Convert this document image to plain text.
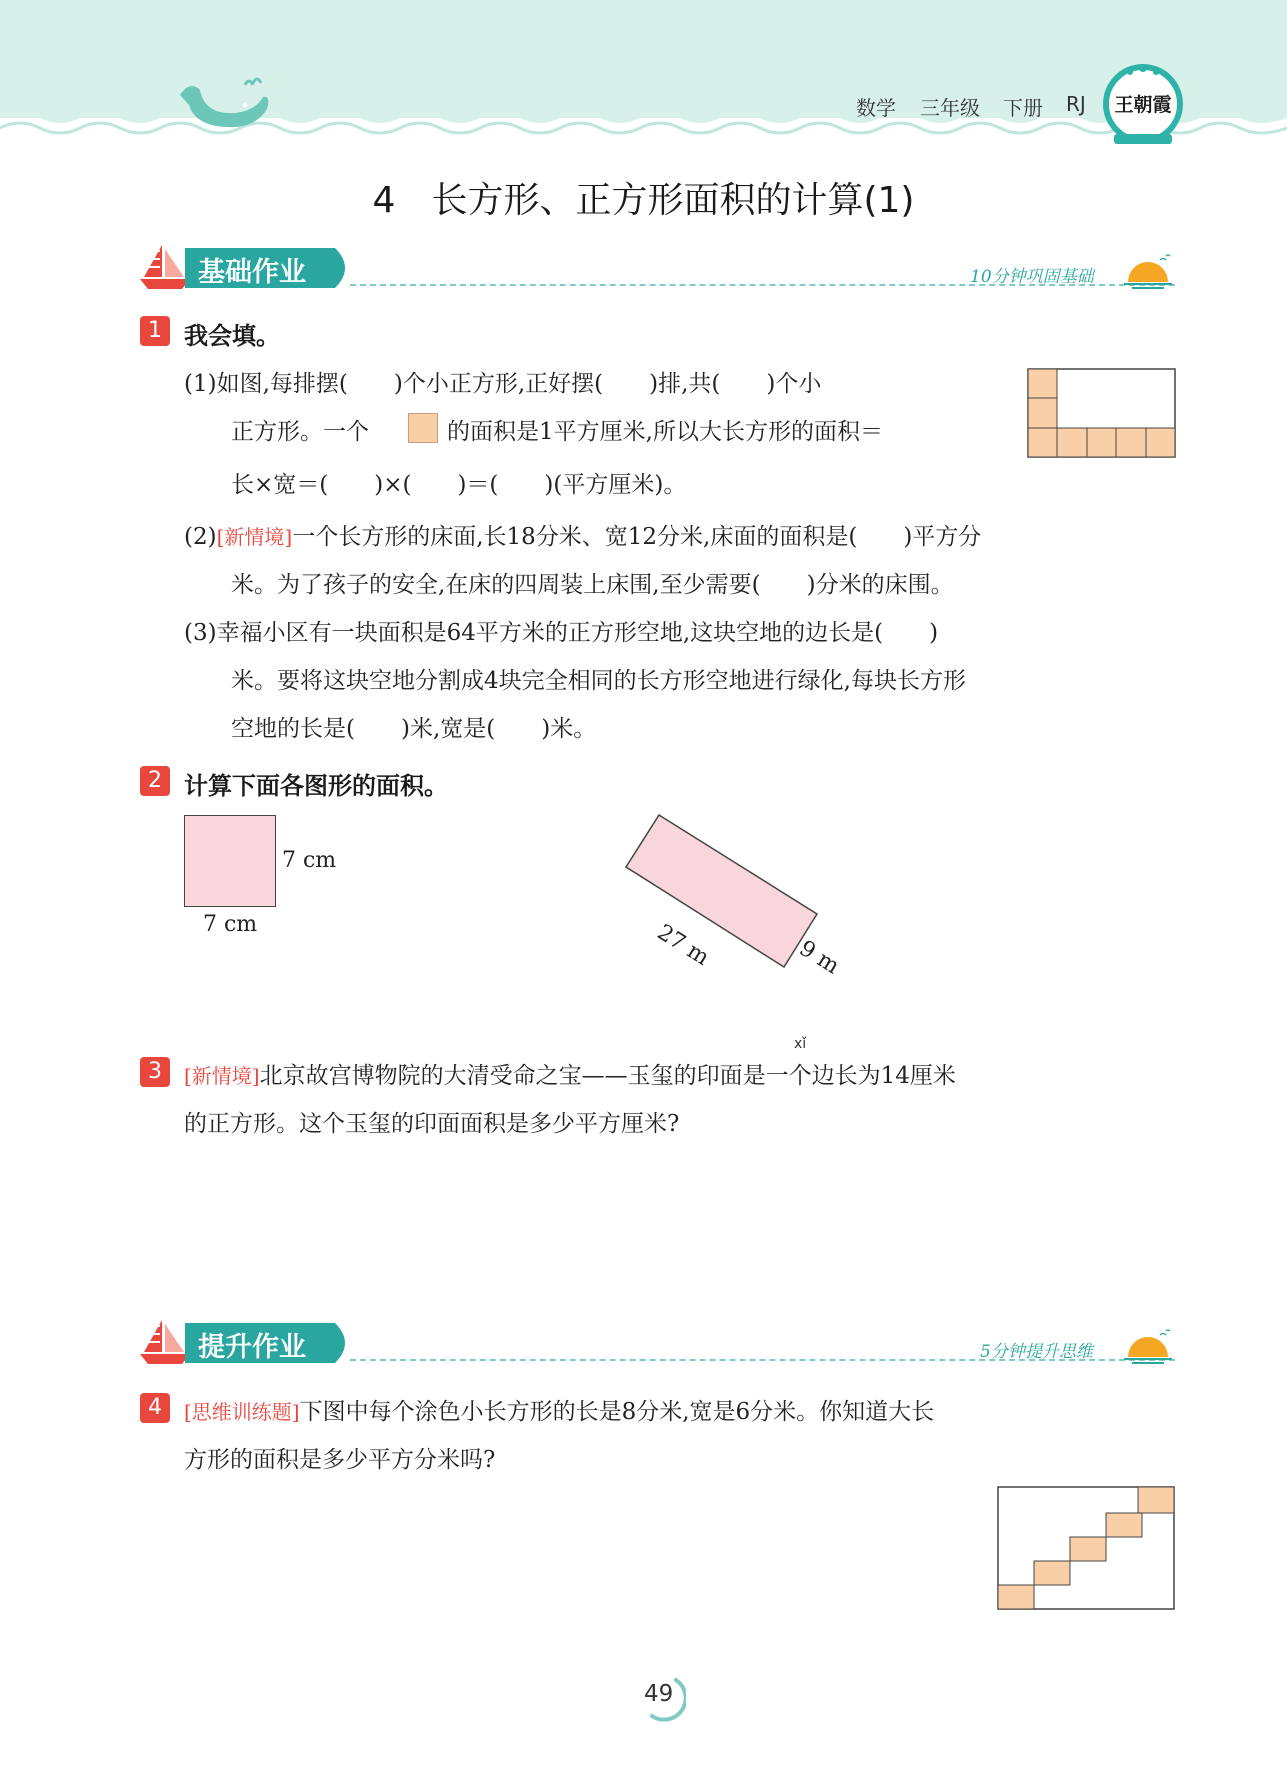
数学 三年级 下册 RJ	王朝霞
4　长方形、正方形面积的计算(1)
基础作业	10分钟巩固基础
1 我会填。
(1)如图,每排摆(　　)个小正方形,正好摆(　　)排,共(　　)个小
正方形。一个	的面积是1平方厘米,所以大长方形的面积＝
长×宽＝(　　)×(　　)＝(　　)(平方厘米)。
(2)[新情境]一个长方形的床面,长18分米、宽12分米,床面的面积是(　　)平方分
米。为了孩子的安全,在床的四周装上床围,至少需要(　　)分米的床围。
(3)幸福小区有一块面积是64平方米的正方形空地,这块空地的边长是(　　)
米。要将这块空地分割成4块完全相同的长方形空地进行绿化,每块长方形
空地的长是(　　)米,宽是(　　)米。
2 计算下面各图形的面积。
7 cm
7 cm	27 m	9 m
3
xǐ
[新情境]北京故宫博物院的大清受命之宝——玉玺的印面是一个边长为14厘米
的正方形。这个玉玺的印面面积是多少平方厘米?
提升作业	5分钟提升思维
4	[思维训练题]下图中每个涂色小长方形的长是8分米,宽是6分米。你知道大长
方形的面积是多少平方分米吗?
49
